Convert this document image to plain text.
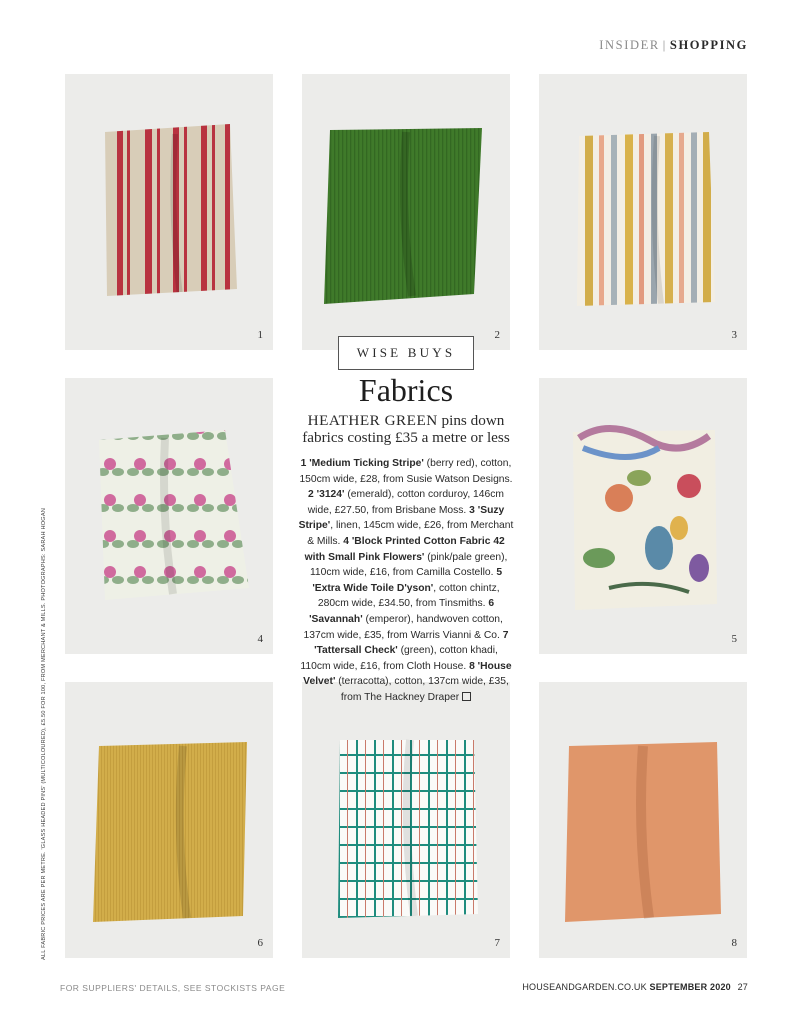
INSIDER | SHOPPING
1	2	3
4	5
6	7	8
WISE BUYS
Fabrics
HEATHER GREEN pins down
fabrics costing £35 a metre or less
1 'Medium Ticking Stripe' (berry red), cotton, 150cm wide, £28, from Susie Watson Designs. 2 '3124' (emerald), cotton corduroy, 146cm wide, £27.50, from Brisbane Moss. 3 'Suzy Stripe', linen, 145cm wide, £26, from Merchant & Mills. 4 'Block Printed Cotton Fabric 42 with Small Pink Flowers' (pink/pale green), 110cm wide, £16, from Camilla Costello. 5 'Extra Wide Toile D'yson', cotton chintz, 280cm wide, £34.50, from Tinsmiths. 6 'Savannah' (emperor), handwoven cotton, 137cm wide, £35, from Warris Vianni & Co. 7 'Tattersall Check' (green), cotton khadi, 110cm wide, £16, from Cloth House. 8 'House Velvet' (terracotta), cotton, 137cm wide, £35, from The Hackney Draper
ALL FABRIC PRICES ARE PER METRE. 'GLASS HEADED PINS' (MULTICOLOURED), £5.50 FOR 100, FROM MERCHANT & MILLS. PHOTOGRAPHS: SARAH HOGAN
FOR SUPPLIERS' DETAILS, SEE STOCKISTS PAGE	HOUSEANDGARDEN.CO.UK SEPTEMBER 2020 27
